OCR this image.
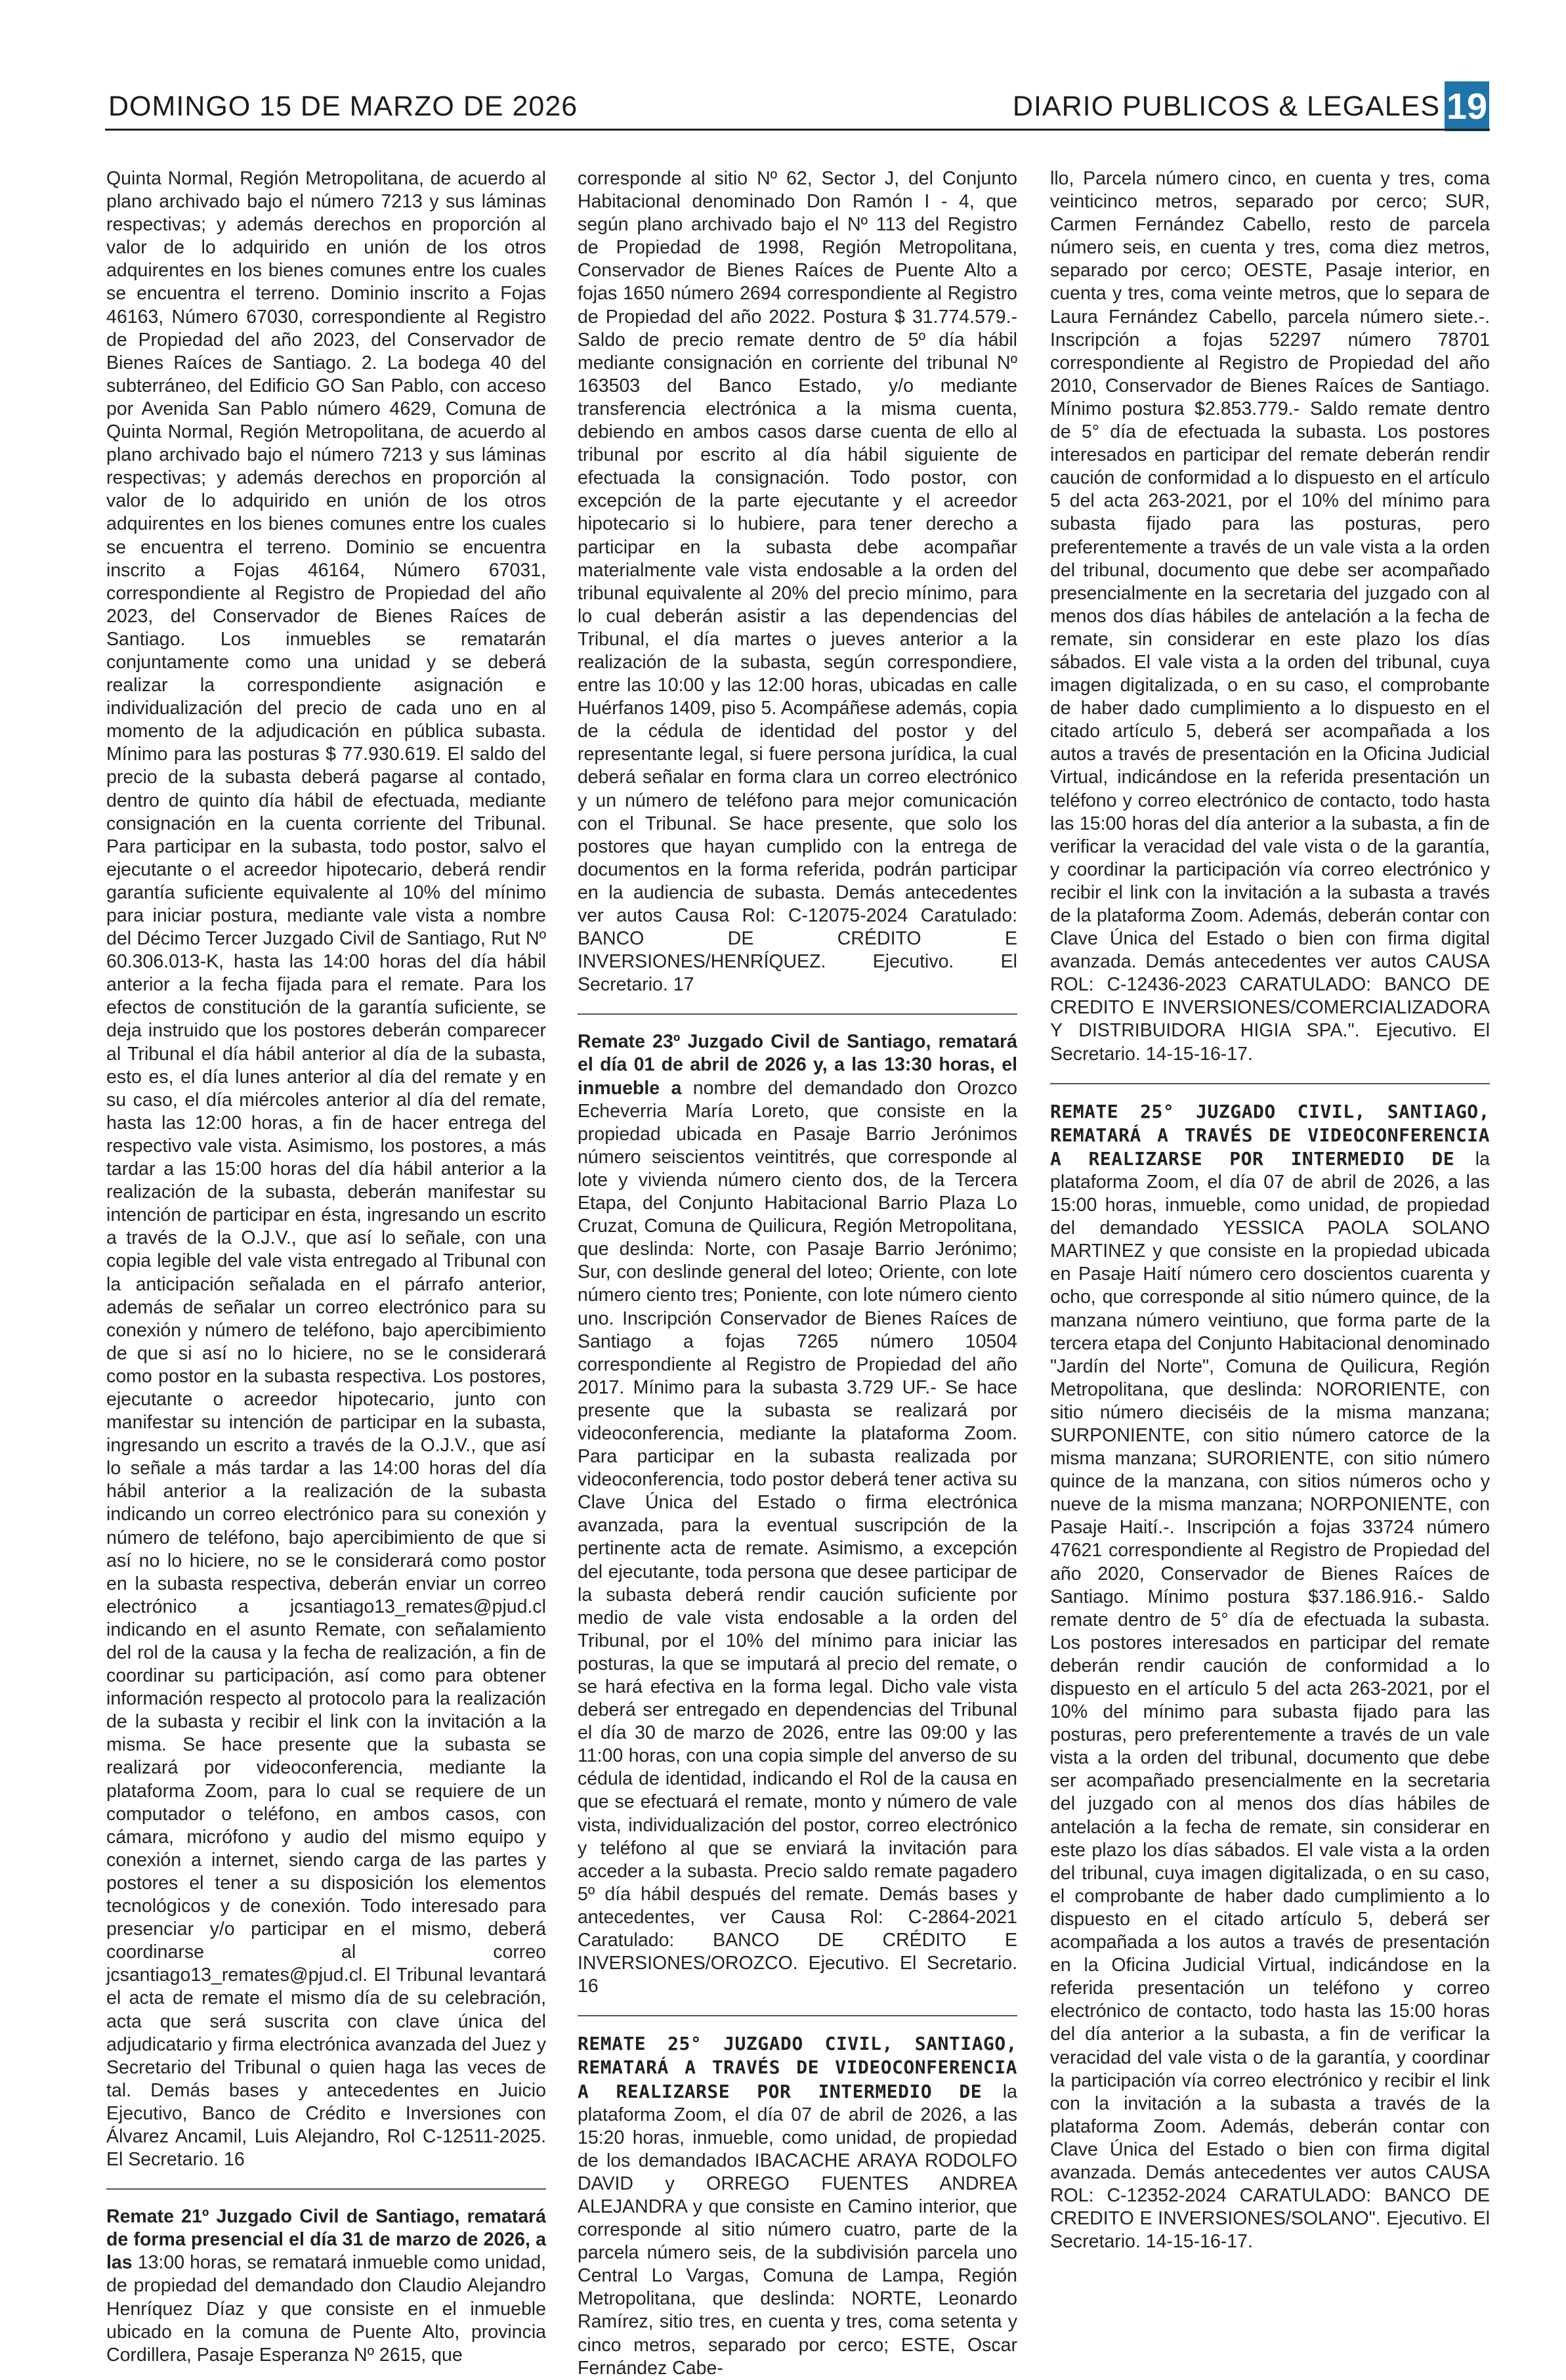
DOMINGO 15 DE MARZO DE 2026	DIARIO PUBLICOS & LEGALES 19

Quinta Normal, Región Metropolitana, de acuerdo al plano archivado bajo el número 7213 y sus láminas respectivas; y además derechos en proporción al valor de lo adquirido en unión de los otros adquirentes en los bienes comunes entre los cuales se encuentra el terreno. Dominio inscrito a Fojas 46163, Número 67030, correspondiente al Registro de Propiedad del año 2023, del Conservador de Bienes Raíces de Santiago. 2. La bodega 40 del subterráneo, del Edificio GO San Pablo, con acceso por Avenida San Pablo número 4629, Comuna de Quinta Normal, Región Metropolitana, de acuerdo al plano archivado bajo el número 7213 y sus láminas respectivas; y además derechos en proporción al valor de lo adquirido en unión de los otros adquirentes en los bienes comunes entre los cuales se encuentra el terreno. Dominio se encuentra inscrito a Fojas 46164, Número 67031, correspondiente al Registro de Propiedad del año 2023, del Conservador de Bienes Raíces de Santiago. Los inmuebles se rematarán conjuntamente como una unidad y se deberá realizar la correspondiente asignación e individualización del precio de cada uno en al momento de la adjudicación en pública subasta. Mínimo para las posturas $ 77.930.619. El saldo del precio de la subasta deberá pagarse al contado, dentro de quinto día hábil de efectuada, mediante consignación en la cuenta corriente del Tribunal. Para participar en la subasta, todo postor, salvo el ejecutante o el acreedor hipotecario, deberá rendir garantía suficiente equivalente al 10% del mínimo para iniciar postura, mediante vale vista a nombre del Décimo Tercer Juzgado Civil de Santiago, Rut Nº 60.306.013-K, hasta las 14:00 horas del día hábil anterior a la fecha fijada para el remate. Para los efectos de constitución de la garantía suficiente, se deja instruido que los postores deberán comparecer al Tribunal el día hábil anterior al día de la subasta, esto es, el día lunes anterior al día del remate y en su caso, el día miércoles anterior al día del remate, hasta las 12:00 horas, a fin de hacer entrega del respectivo vale vista. Asimismo, los postores, a más tardar a las 15:00 horas del día hábil anterior a la realización de la subasta, deberán manifestar su intención de participar en ésta, ingresando un escrito a través de la O.J.V., que así lo señale, con una copia legible del vale vista entregado al Tribunal con la anticipación señalada en el párrafo anterior, además de señalar un correo electrónico para su conexión y número de teléfono, bajo apercibimiento de que si así no lo hiciere, no se le considerará como postor en la subasta respectiva. Los postores, ejecutante o acreedor hipotecario, junto con manifestar su intención de participar en la subasta, ingresando un escrito a través de la O.J.V., que así lo señale a más tardar a las 14:00 horas del día hábil anterior a la realización de la subasta indicando un correo electrónico para su conexión y número de teléfono, bajo apercibimiento de que si así no lo hiciere, no se le considerará como postor en la subasta respectiva, deberán enviar un correo electrónico a jcsantiago13_remates@pjud.cl indicando en el asunto Remate, con señalamiento del rol de la causa y la fecha de realización, a fin de coordinar su participación, así como para obtener información respecto al protocolo para la realización de la subasta y recibir el link con la invitación a la misma. Se hace presente que la subasta se realizará por videoconferencia, mediante la plataforma Zoom, para lo cual se requiere de un computador o teléfono, en ambos casos, con cámara, micrófono y audio del mismo equipo y conexión a internet, siendo carga de las partes y postores el tener a su disposición los elementos tecnológicos y de conexión. Todo interesado para presenciar y/o participar en el mismo, deberá coordinarse al correo jcsantiago13_remates@pjud.cl. El Tribunal levantará el acta de remate el mismo día de su celebración, acta que será suscrita con clave única del adjudicatario y firma electrónica avanzada del Juez y Secretario del Tribunal o quien haga las veces de tal. Demás bases y antecedentes en Juicio Ejecutivo, Banco de Crédito e Inversiones con Álvarez Ancamil, Luis Alejandro, Rol C-12511-2025. El Secretario. 16

Remate 21º Juzgado Civil de Santiago, rematará de forma presencial el día 31 de marzo de 2026, a las 13:00 horas, se rematará inmueble como unidad, de propiedad del demandado don Claudio Alejandro Henríquez Díaz y que consiste en el inmueble ubicado en la comuna de Puente Alto, provincia Cordillera, Pasaje Esperanza Nº 2615, que

corresponde al sitio Nº 62, Sector J, del Conjunto Habitacional denominado Don Ramón I - 4, que según plano archivado bajo el Nº 113 del Registro de Propiedad de 1998, Región Metropolitana, Conservador de Bienes Raíces de Puente Alto a fojas 1650 número 2694 correspondiente al Registro de Propiedad del año 2022. Postura $ 31.774.579.- Saldo de precio remate dentro de 5º día hábil mediante consignación en corriente del tribunal Nº 163503 del Banco Estado, y/o mediante transferencia electrónica a la misma cuenta, debiendo en ambos casos darse cuenta de ello al tribunal por escrito al día hábil siguiente de efectuada la consignación. Todo postor, con excepción de la parte ejecutante y el acreedor hipotecario si lo hubiere, para tener derecho a participar en la subasta debe acompañar materialmente vale vista endosable a la orden del tribunal equivalente al 20% del precio mínimo, para lo cual deberán asistir a las dependencias del Tribunal, el día martes o jueves anterior a la realización de la subasta, según correspondiere, entre las 10:00 y las 12:00 horas, ubicadas en calle Huérfanos 1409, piso 5. Acompáñese además, copia de la cédula de identidad del postor y del representante legal, si fuere persona jurídica, la cual deberá señalar en forma clara un correo electrónico y un número de teléfono para mejor comunicación con el Tribunal. Se hace presente, que solo los postores que hayan cumplido con la entrega de documentos en la forma referida, podrán participar en la audiencia de subasta. Demás antecedentes ver autos Causa Rol: C-12075-2024 Caratulado: BANCO DE CRÉDITO E INVERSIONES/HENRÍQUEZ. Ejecutivo. El Secretario. 17

Remate 23º Juzgado Civil de Santiago, rematará el día 01 de abril de 2026 y, a las 13:30 horas, el inmueble a nombre del demandado don Orozco Echeverria María Loreto, que consiste en la propiedad ubicada en Pasaje Barrio Jerónimos número seiscientos veintitrés, que corresponde al lote y vivienda número ciento dos, de la Tercera Etapa, del Conjunto Habitacional Barrio Plaza Lo Cruzat, Comuna de Quilicura, Región Metropolitana, que deslinda: Norte, con Pasaje Barrio Jerónimo; Sur, con deslinde general del loteo; Oriente, con lote número ciento tres; Poniente, con lote número ciento uno. Inscripción Conservador de Bienes Raíces de Santiago a fojas 7265 número 10504 correspondiente al Registro de Propiedad del año 2017. Mínimo para la subasta 3.729 UF.- Se hace presente que la subasta se realizará por videoconferencia, mediante la plataforma Zoom. Para participar en la subasta realizada por videoconferencia, todo postor deberá tener activa su Clave Única del Estado o firma electrónica avanzada, para la eventual suscripción de la pertinente acta de remate. Asimismo, a excepción del ejecutante, toda persona que desee participar de la subasta deberá rendir caución suficiente por medio de vale vista endosable a la orden del Tribunal, por el 10% del mínimo para iniciar las posturas, la que se imputará al precio del remate, o se hará efectiva en la forma legal. Dicho vale vista deberá ser entregado en dependencias del Tribunal el día 30 de marzo de 2026, entre las 09:00 y las 11:00 horas, con una copia simple del anverso de su cédula de identidad, indicando el Rol de la causa en que se efectuará el remate, monto y número de vale vista, individualización del postor, correo electrónico y teléfono al que se enviará la invitación para acceder a la subasta. Precio saldo remate pagadero 5º día hábil después del remate. Demás bases y antecedentes, ver Causa Rol: C-2864-2021 Caratulado: BANCO DE CRÉDITO E INVERSIONES/OROZCO. Ejecutivo. El Secretario. 16

REMATE 25° JUZGADO CIVIL, SANTIAGO, REMATARÁ A TRAVÉS DE VIDEOCONFERENCIA A REALIZARSE POR INTERMEDIO DE la plataforma Zoom, el día 07 de abril de 2026, a las 15:20 horas, inmueble, como unidad, de propiedad de los demandados IBACACHE ARAYA RODOLFO DAVID y ORREGO FUENTES ANDREA ALEJANDRA y que consiste en Camino interior, que corresponde al sitio número cuatro, parte de la parcela número seis, de la subdivisión parcela uno Central Lo Vargas, Comuna de Lampa, Región Metropolitana, que deslinda: NORTE, Leonardo Ramírez, sitio tres, en cuenta y tres, coma setenta y cinco metros, separado por cerco; ESTE, Oscar Fernández Cabe-

llo, Parcela número cinco, en cuenta y tres, coma veinticinco metros, separado por cerco; SUR, Carmen Fernández Cabello, resto de parcela número seis, en cuenta y tres, coma diez metros, separado por cerco; OESTE, Pasaje interior, en cuenta y tres, coma veinte metros, que lo separa de Laura Fernández Cabello, parcela número siete.-. Inscripción a fojas 52297 número 78701 correspondiente al Registro de Propiedad del año 2010, Conservador de Bienes Raíces de Santiago. Mínimo postura $2.853.779.- Saldo remate dentro de 5° día de efectuada la subasta. Los postores interesados en participar del remate deberán rendir caución de conformidad a lo dispuesto en el artículo 5 del acta 263-2021, por el 10% del mínimo para subasta fijado para las posturas, pero preferentemente a través de un vale vista a la orden del tribunal, documento que debe ser acompañado presencialmente en la secretaria del juzgado con al menos dos días hábiles de antelación a la fecha de remate, sin considerar en este plazo los días sábados. El vale vista a la orden del tribunal, cuya imagen digitalizada, o en su caso, el comprobante de haber dado cumplimiento a lo dispuesto en el citado artículo 5, deberá ser acompañada a los autos a través de presentación en la Oficina Judicial Virtual, indicándose en la referida presentación un teléfono y correo electrónico de contacto, todo hasta las 15:00 horas del día anterior a la subasta, a fin de verificar la veracidad del vale vista o de la garantía, y coordinar la participación vía correo electrónico y recibir el link con la invitación a la subasta a través de la plataforma Zoom. Además, deberán contar con Clave Única del Estado o bien con firma digital avanzada. Demás antecedentes ver autos CAUSA ROL: C-12436-2023 CARATULADO: BANCO DE CREDITO E INVERSIONES/COMERCIALIZADORA Y DISTRIBUIDORA HIGIA SPA.". Ejecutivo. El Secretario. 14-15-16-17.

REMATE 25° JUZGADO CIVIL, SANTIAGO, REMATARÁ A TRAVÉS DE VIDEOCONFERENCIA A REALIZARSE POR INTERMEDIO DE la plataforma Zoom, el día 07 de abril de 2026, a las 15:00 horas, inmueble, como unidad, de propiedad del demandado YESSICA PAOLA SOLANO MARTINEZ y que consiste en la propiedad ubicada en Pasaje Haití número cero doscientos cuarenta y ocho, que corresponde al sitio número quince, de la manzana número veintiuno, que forma parte de la tercera etapa del Conjunto Habitacional denominado "Jardín del Norte", Comuna de Quilicura, Región Metropolitana, que deslinda: NORORIENTE, con sitio número dieciséis de la misma manzana; SURPONIENTE, con sitio número catorce de la misma manzana; SURORIENTE, con sitio número quince de la manzana, con sitios números ocho y nueve de la misma manzana; NORPONIENTE, con Pasaje Haití.-. Inscripción a fojas 33724 número 47621 correspondiente al Registro de Propiedad del año 2020, Conservador de Bienes Raíces de Santiago. Mínimo postura $37.186.916.- Saldo remate dentro de 5° día de efectuada la subasta. Los postores interesados en participar del remate deberán rendir caución de conformidad a lo dispuesto en el artículo 5 del acta 263-2021, por el 10% del mínimo para subasta fijado para las posturas, pero preferentemente a través de un vale vista a la orden del tribunal, documento que debe ser acompañado presencialmente en la secretaria del juzgado con al menos dos días hábiles de antelación a la fecha de remate, sin considerar en este plazo los días sábados. El vale vista a la orden del tribunal, cuya imagen digitalizada, o en su caso, el comprobante de haber dado cumplimiento a lo dispuesto en el citado artículo 5, deberá ser acompañada a los autos a través de presentación en la Oficina Judicial Virtual, indicándose en la referida presentación un teléfono y correo electrónico de contacto, todo hasta las 15:00 horas del día anterior a la subasta, a fin de verificar la veracidad del vale vista o de la garantía, y coordinar la participación vía correo electrónico y recibir el link con la invitación a la subasta a través de la plataforma Zoom. Además, deberán contar con Clave Única del Estado o bien con firma digital avanzada. Demás antecedentes ver autos CAUSA ROL: C-12352-2024 CARATULADO: BANCO DE CREDITO E INVERSIONES/SOLANO". Ejecutivo. El Secretario. 14-15-16-17.
